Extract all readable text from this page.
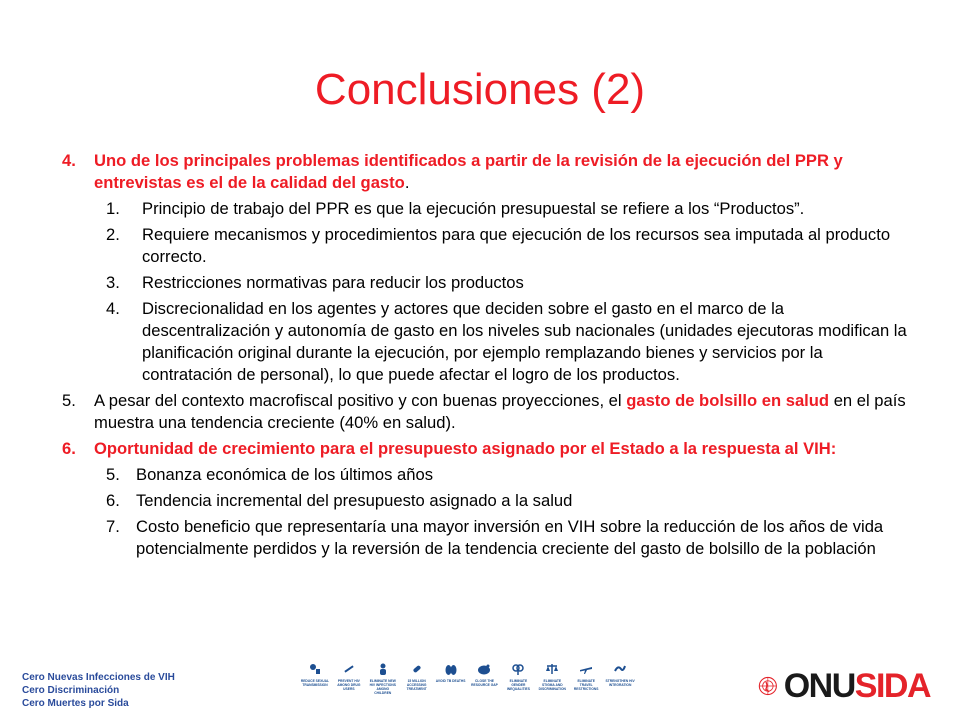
Conclusiones (2)
4. Uno de los principales problemas identificados a partir de la revisión de la ejecución del PPR y entrevistas es el de la calidad del gasto.
1. Principio de trabajo del PPR es que la ejecución presupuestal se refiere a los “Productos”.
2. Requiere mecanismos y procedimientos para que ejecución de los recursos sea imputada al producto correcto.
3. Restricciones normativas para reducir los productos
4. Discrecionalidad en los agentes y actores que deciden sobre el gasto en el marco de la descentralización y autonomía de gasto en los niveles sub nacionales (unidades ejecutoras modifican la planificación original durante la ejecución, por ejemplo remplazando bienes y servicios por la contratación de personal), lo que puede afectar el logro de los productos.
5. A pesar del contexto macrofiscal positivo y con buenas proyecciones, el gasto de bolsillo en salud en el país muestra una tendencia creciente (40% en salud).
6. Oportunidad de crecimiento para el presupuesto asignado por el Estado a la respuesta al VIH:
5. Bonanza económica de los últimos años
6. Tendencia incremental del presupuesto asignado a la salud
7. Costo beneficio que representaría una mayor inversión en VIH sobre la reducción de los años de vida potencialmente perdidos y la reversión de la tendencia creciente del gasto de bolsillo de la población
Cero Nuevas Infecciones de VIH
Cero Discriminación
Cero Muertes por Sida
REDUCE SEXUAL TRANSMISSION
PREVENT HIV AMONG DRUG USERS
ELIMINATE NEW HIV INFECTIONS AMONG CHILDREN
15 MILLION ACCESSING TREATMENT
AVOID TB DEATHS	CLOSE THE RESOURCE GAP
ELIMINATE GENDER INEQUALITIES
ELIMINATE STIGMA AND DISCRIMINATION
ELIMINATE TRAVEL RESTRICTIONS
STRENGTHEN HIV INTEGRATION	ONUSIDA
